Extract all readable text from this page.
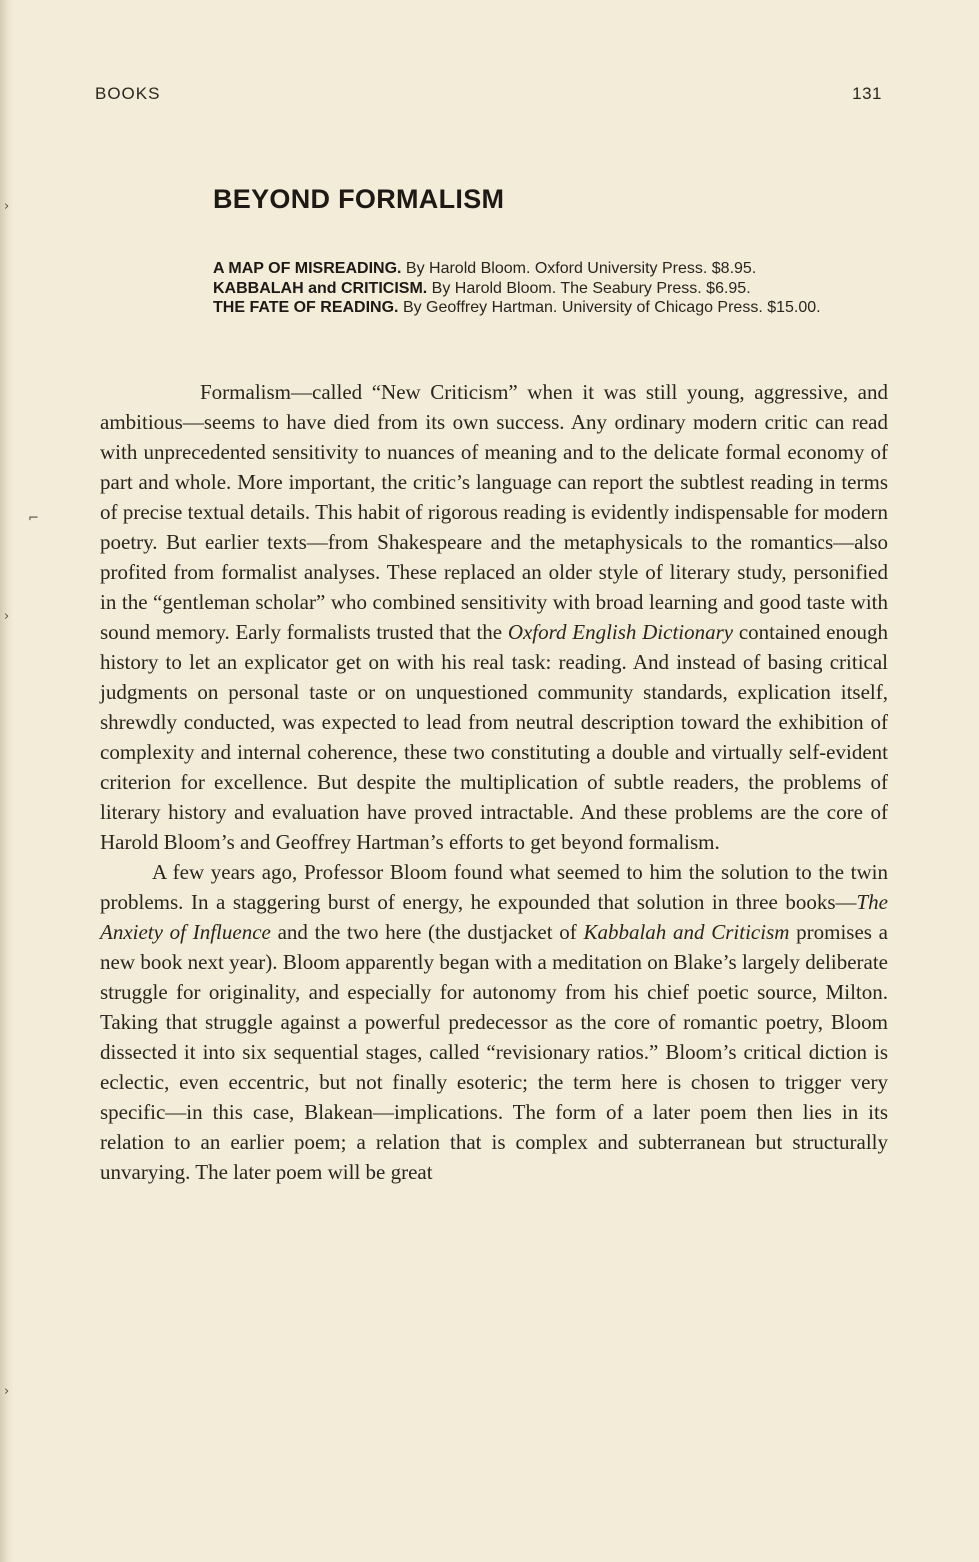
›
⌐
›
›
BOOKS	131
BEYOND FORMALISM
A MAP OF MISREADING. By Harold Bloom. Oxford University Press. $8.95.
KABBALAH and CRITICISM. By Harold Bloom. The Seabury Press. $6.95.
THE FATE OF READING. By Geoffrey Hartman. University of Chicago Press. $15.00.

Formalism—called “New Criticism” when it was still young, aggressive, and ambitious—seems to have died from its own success. Any ordinary modern critic can read with unprecedented sensitivity to nuances of meaning and to the delicate formal economy of part and whole. More important, the critic’s language can report the subtlest reading in terms of precise textual details. This habit of rigorous reading is evidently indispensable for modern poetry. But earlier texts—from Shakespeare and the metaphysicals to the romantics—also profited from formalist analyses. These replaced an older style of literary study, personified in the “gentleman scholar” who combined sensitivity with broad learning and good taste with sound memory. Early formalists trusted that the Oxford English Dictionary contained enough history to let an explicator get on with his real task: reading. And instead of basing critical judgments on personal taste or on unquestioned community standards, explication itself, shrewdly conducted, was expected to lead from neutral description toward the exhibition of complexity and internal coherence, these two constituting a double and virtually self-evident criterion for excellence. But despite the multiplication of subtle readers, the problems of literary history and evaluation have proved intractable. And these problems are the core of Harold Bloom’s and Geoffrey Hartman’s efforts to get beyond formalism.

A few years ago, Professor Bloom found what seemed to him the solution to the twin problems. In a staggering burst of energy, he expounded that solution in three books—The Anxiety of Influence and the two here (the dustjacket of Kabbalah and Criticism promises a new book next year). Bloom apparently began with a meditation on Blake’s largely deliberate struggle for originality, and especially for autonomy from his chief poetic source, Milton. Taking that struggle against a powerful predecessor as the core of romantic poetry, Bloom dissected it into six sequential stages, called “revisionary ratios.” Bloom’s critical diction is eclectic, even eccentric, but not finally esoteric; the term here is chosen to trigger very specific—in this case, Blakean—implications. The form of a later poem then lies in its relation to an earlier poem; a relation that is complex and subterranean but structurally unvarying. The later poem will be great
